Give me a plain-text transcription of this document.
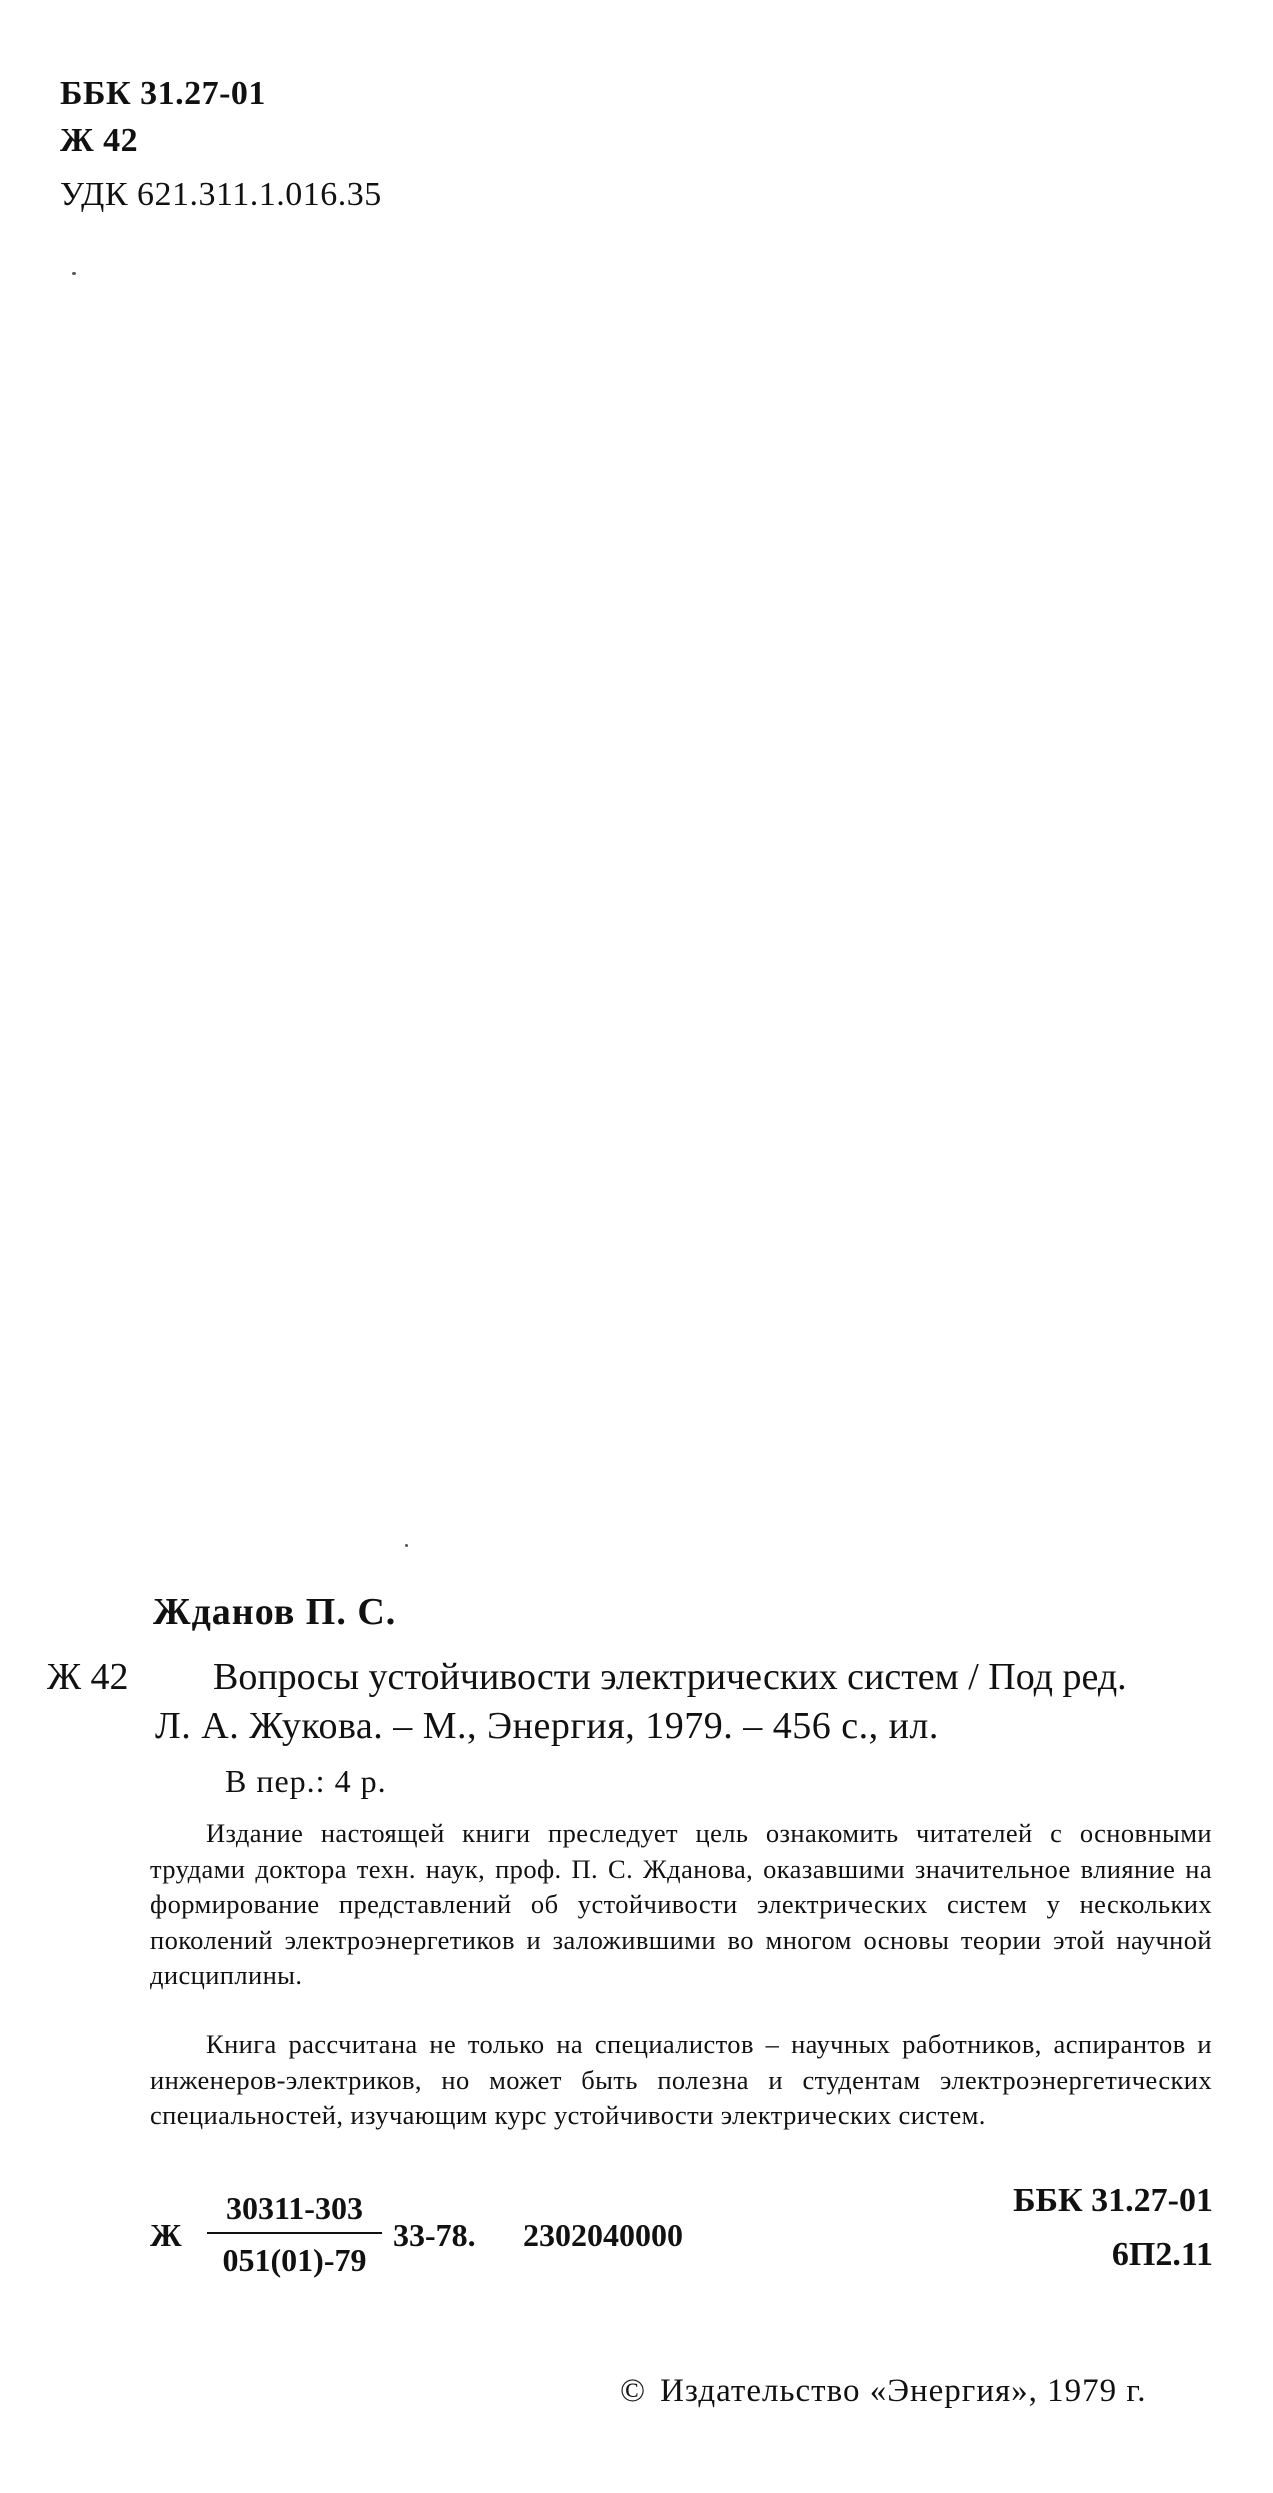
ББК 31.27-01
Ж 42
УДК 621.311.1.016.35
Жданов П. С.
Ж 42 Вопросы устойчивости электрических систем / Под ред.
Л. А. Жукова. – М., Энергия, 1979. – 456 с., ил.
В пер.: 4 р.
Издание настоящей книги преследует цель ознакомить читателей с основными трудами доктора техн. наук, проф. П. С. Жданова, оказавшими значительное влияние на формирование представлений об устойчивости электрических систем у нескольких поколений электроэнергетиков и заложившими во многом основы теории этой научной дисциплины.
Книга рассчитана не только на специалистов – научных работников, аспирантов и инженеров-электриков, но может быть полезна и студентам электроэнергетических специальностей, изучающим курс устойчивости электрических систем.
Ж
30311-303
051(01)-79
33-78. 2302040000
ББК 31.27-01
6П2.11
© Издательство «Энергия», 1979 г.
